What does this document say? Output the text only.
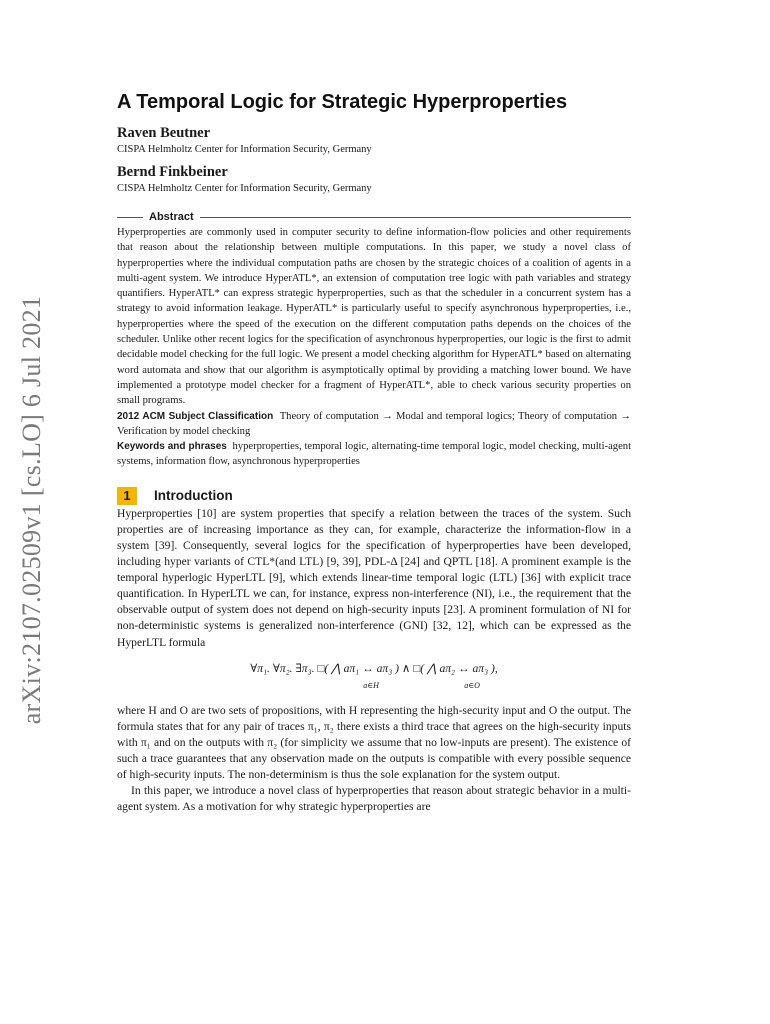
arXiv:2107.02509v1 [cs.LO] 6 Jul 2021
A Temporal Logic for Strategic Hyperproperties
Raven Beutner
CISPA Helmholtz Center for Information Security, Germany
Bernd Finkbeiner
CISPA Helmholtz Center for Information Security, Germany
Abstract

Hyperproperties are commonly used in computer security to define information-flow policies and other requirements that reason about the relationship between multiple computations. In this paper, we study a novel class of hyperproperties where the individual computation paths are chosen by the strategic choices of a coalition of agents in a multi-agent system. We introduce HyperATL*, an extension of computation tree logic with path variables and strategy quantifiers. HyperATL* can express strategic hyperproperties, such as that the scheduler in a concurrent system has a strategy to avoid information leakage. HyperATL* is particularly useful to specify asynchronous hyperproperties, i.e., hyperproperties where the speed of the execution on the different computation paths depends on the choices of the scheduler. Unlike other recent logics for the specification of asynchronous hyperproperties, our logic is the first to admit decidable model checking for the full logic. We present a model checking algorithm for HyperATL* based on alternating word automata and show that our algorithm is asymptotically optimal by providing a matching lower bound. We have implemented a prototype model checker for a fragment of HyperATL*, able to check various security properties on small programs.

2012 ACM Subject Classification Theory of computation → Modal and temporal logics; Theory of computation → Verification by model checking

Keywords and phrases hyperproperties, temporal logic, alternating-time temporal logic, model checking, multi-agent systems, information flow, asynchronous hyperproperties

1	Introduction

Hyperproperties [10] are system properties that specify a relation between the traces of the system. Such properties are of increasing importance as they can, for example, characterize the information-flow in a system [39]. Consequently, several logics for the specification of hyperproperties have been developed, including hyper variants of CTL*(and LTL) [9, 39], PDL-Δ [24] and QPTL [18]. A prominent example is the temporal hyperlogic HyperLTL [9], which extends linear-time temporal logic (LTL) [36] with explicit trace quantification. In HyperLTL we can, for instance, express non-interference (NI), i.e., the requirement that the observable output of system does not depend on high-security inputs [23]. A prominent formulation of NI for non-deterministic systems is generalized non-interference (GNI) [32, 12], which can be expressed as the HyperLTL formula

∀π₁. ∀π₂. ∃π₃. □( ⋀ aπ₁ ↔ aπ₃ ) ∧ □( ⋀ aπ₂ ↔ aπ₃ ),
a∈H	a∈O

where H and O are two sets of propositions, with H representing the high-security input and O the output. The formula states that for any pair of traces π₁, π₂ there exists a third trace that agrees on the high-security inputs with π₁ and on the outputs with π₂ (for simplicity we assume that no low-inputs are present). The existence of such a trace guarantees that any observation made on the outputs is compatible with every possible sequence of high-security inputs. The non-determinism is thus the sole explanation for the system output.

In this paper, we introduce a novel class of hyperproperties that reason about strategic behavior in a multi-agent system. As a motivation for why strategic hyperproperties are
